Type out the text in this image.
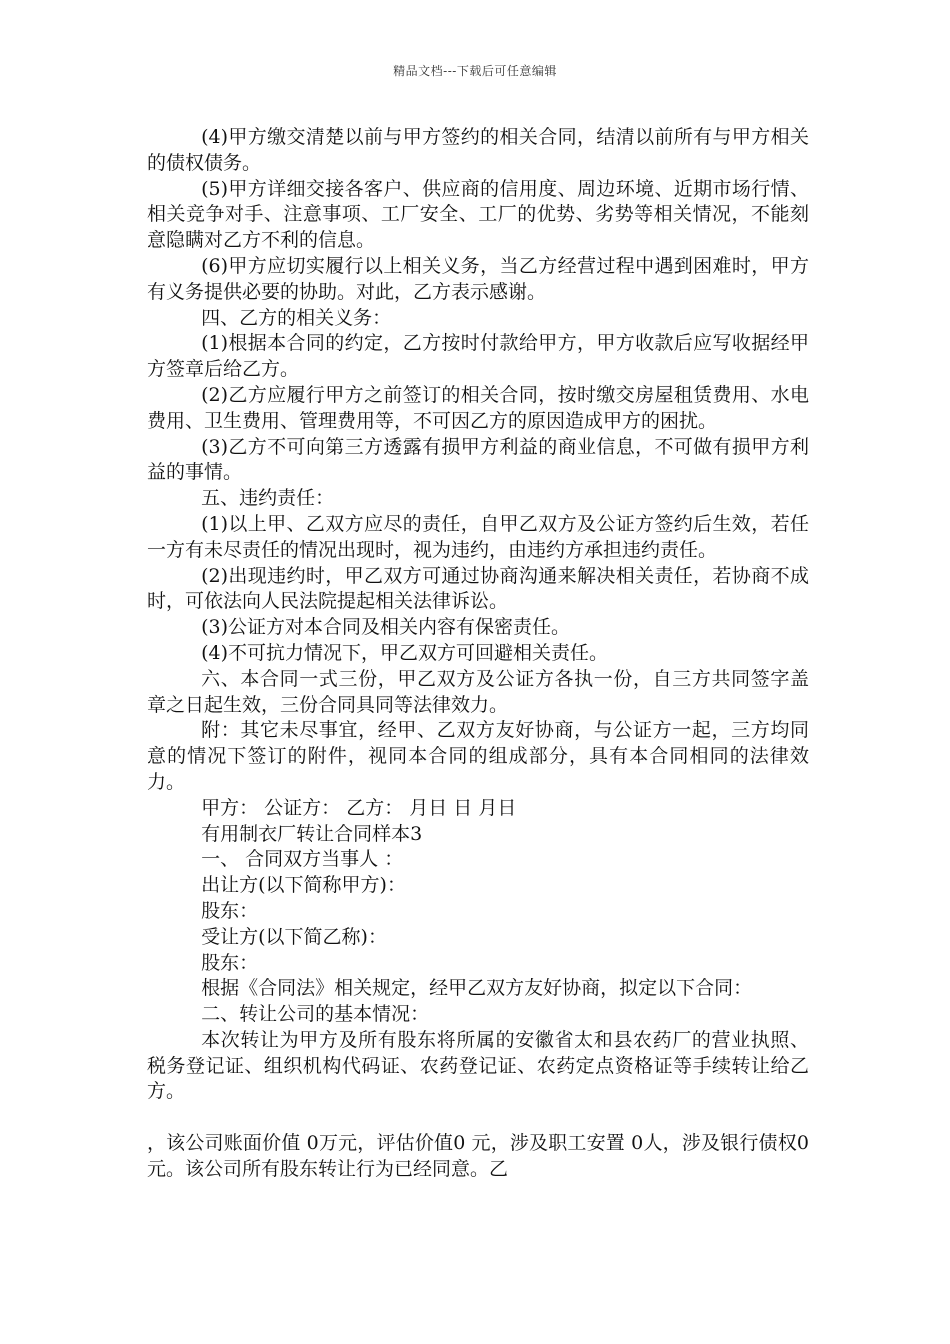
精品文档---下载后可任意编辑

(4)甲方缴交清楚以前与甲方签约的相关合同，结清以前所有与甲方相关的债权债务。

(5)甲方详细交接各客户、供应商的信用度、周边环境、近期市场行情、相关竞争对手、注意事项、工厂安全、工厂的优势、劣势等相关情况，不能刻意隐瞒对乙方不利的信息。

(6)甲方应切实履行以上相关义务，当乙方经营过程中遇到困难时，甲方有义务提供必要的协助。对此，乙方表示感谢。

四、乙方的相关义务：

(1)根据本合同的约定，乙方按时付款给甲方，甲方收款后应写收据经甲方签章后给乙方。

(2)乙方应履行甲方之前签订的相关合同，按时缴交房屋租赁费用、水电费用、卫生费用、管理费用等，不可因乙方的原因造成甲方的困扰。

(3)乙方不可向第三方透露有损甲方利益的商业信息，不可做有损甲方利益的事情。

五、违约责任：

(1)以上甲、乙双方应尽的责任，自甲乙双方及公证方签约后生效，若任一方有未尽责任的情况出现时，视为违约，由违约方承担违约责任。

(2)出现违约时，甲乙双方可通过协商沟通来解决相关责任，若协商不成时，可依法向人民法院提起相关法律诉讼。

(3)公证方对本合同及相关内容有保密责任。

(4)不可抗力情况下，甲乙双方可回避相关责任。

六、本合同一式三份，甲乙双方及公证方各执一份，自三方共同签字盖章之日起生效，三份合同具同等法律效力。

附：其它未尽事宜，经甲、乙双方友好协商，与公证方一起，三方均同意的情况下签订的附件，视同本合同的组成部分，具有本合同相同的法律效力。

甲方： 公证方： 乙方： 月日 日 月日

有用制衣厂转让合同样本3

一、 合同双方当事人 ：

出让方(以下简称甲方)：

股东：

受让方(以下简乙称)：

股东：

根据《合同法》相关规定，经甲乙双方友好协商，拟定以下合同：

二、转让公司的基本情况：

本次转让为甲方及所有股东将所属的安徽省太和县农药厂的营业执照、税务登记证、组织机构代码证、农药登记证、农药定点资格证等手续转让给乙方。

，该公司账面价值 0万元，评估价值0 元，涉及职工安置 0人，涉及银行债权0元。该公司所有股东转让行为已经同意。乙
